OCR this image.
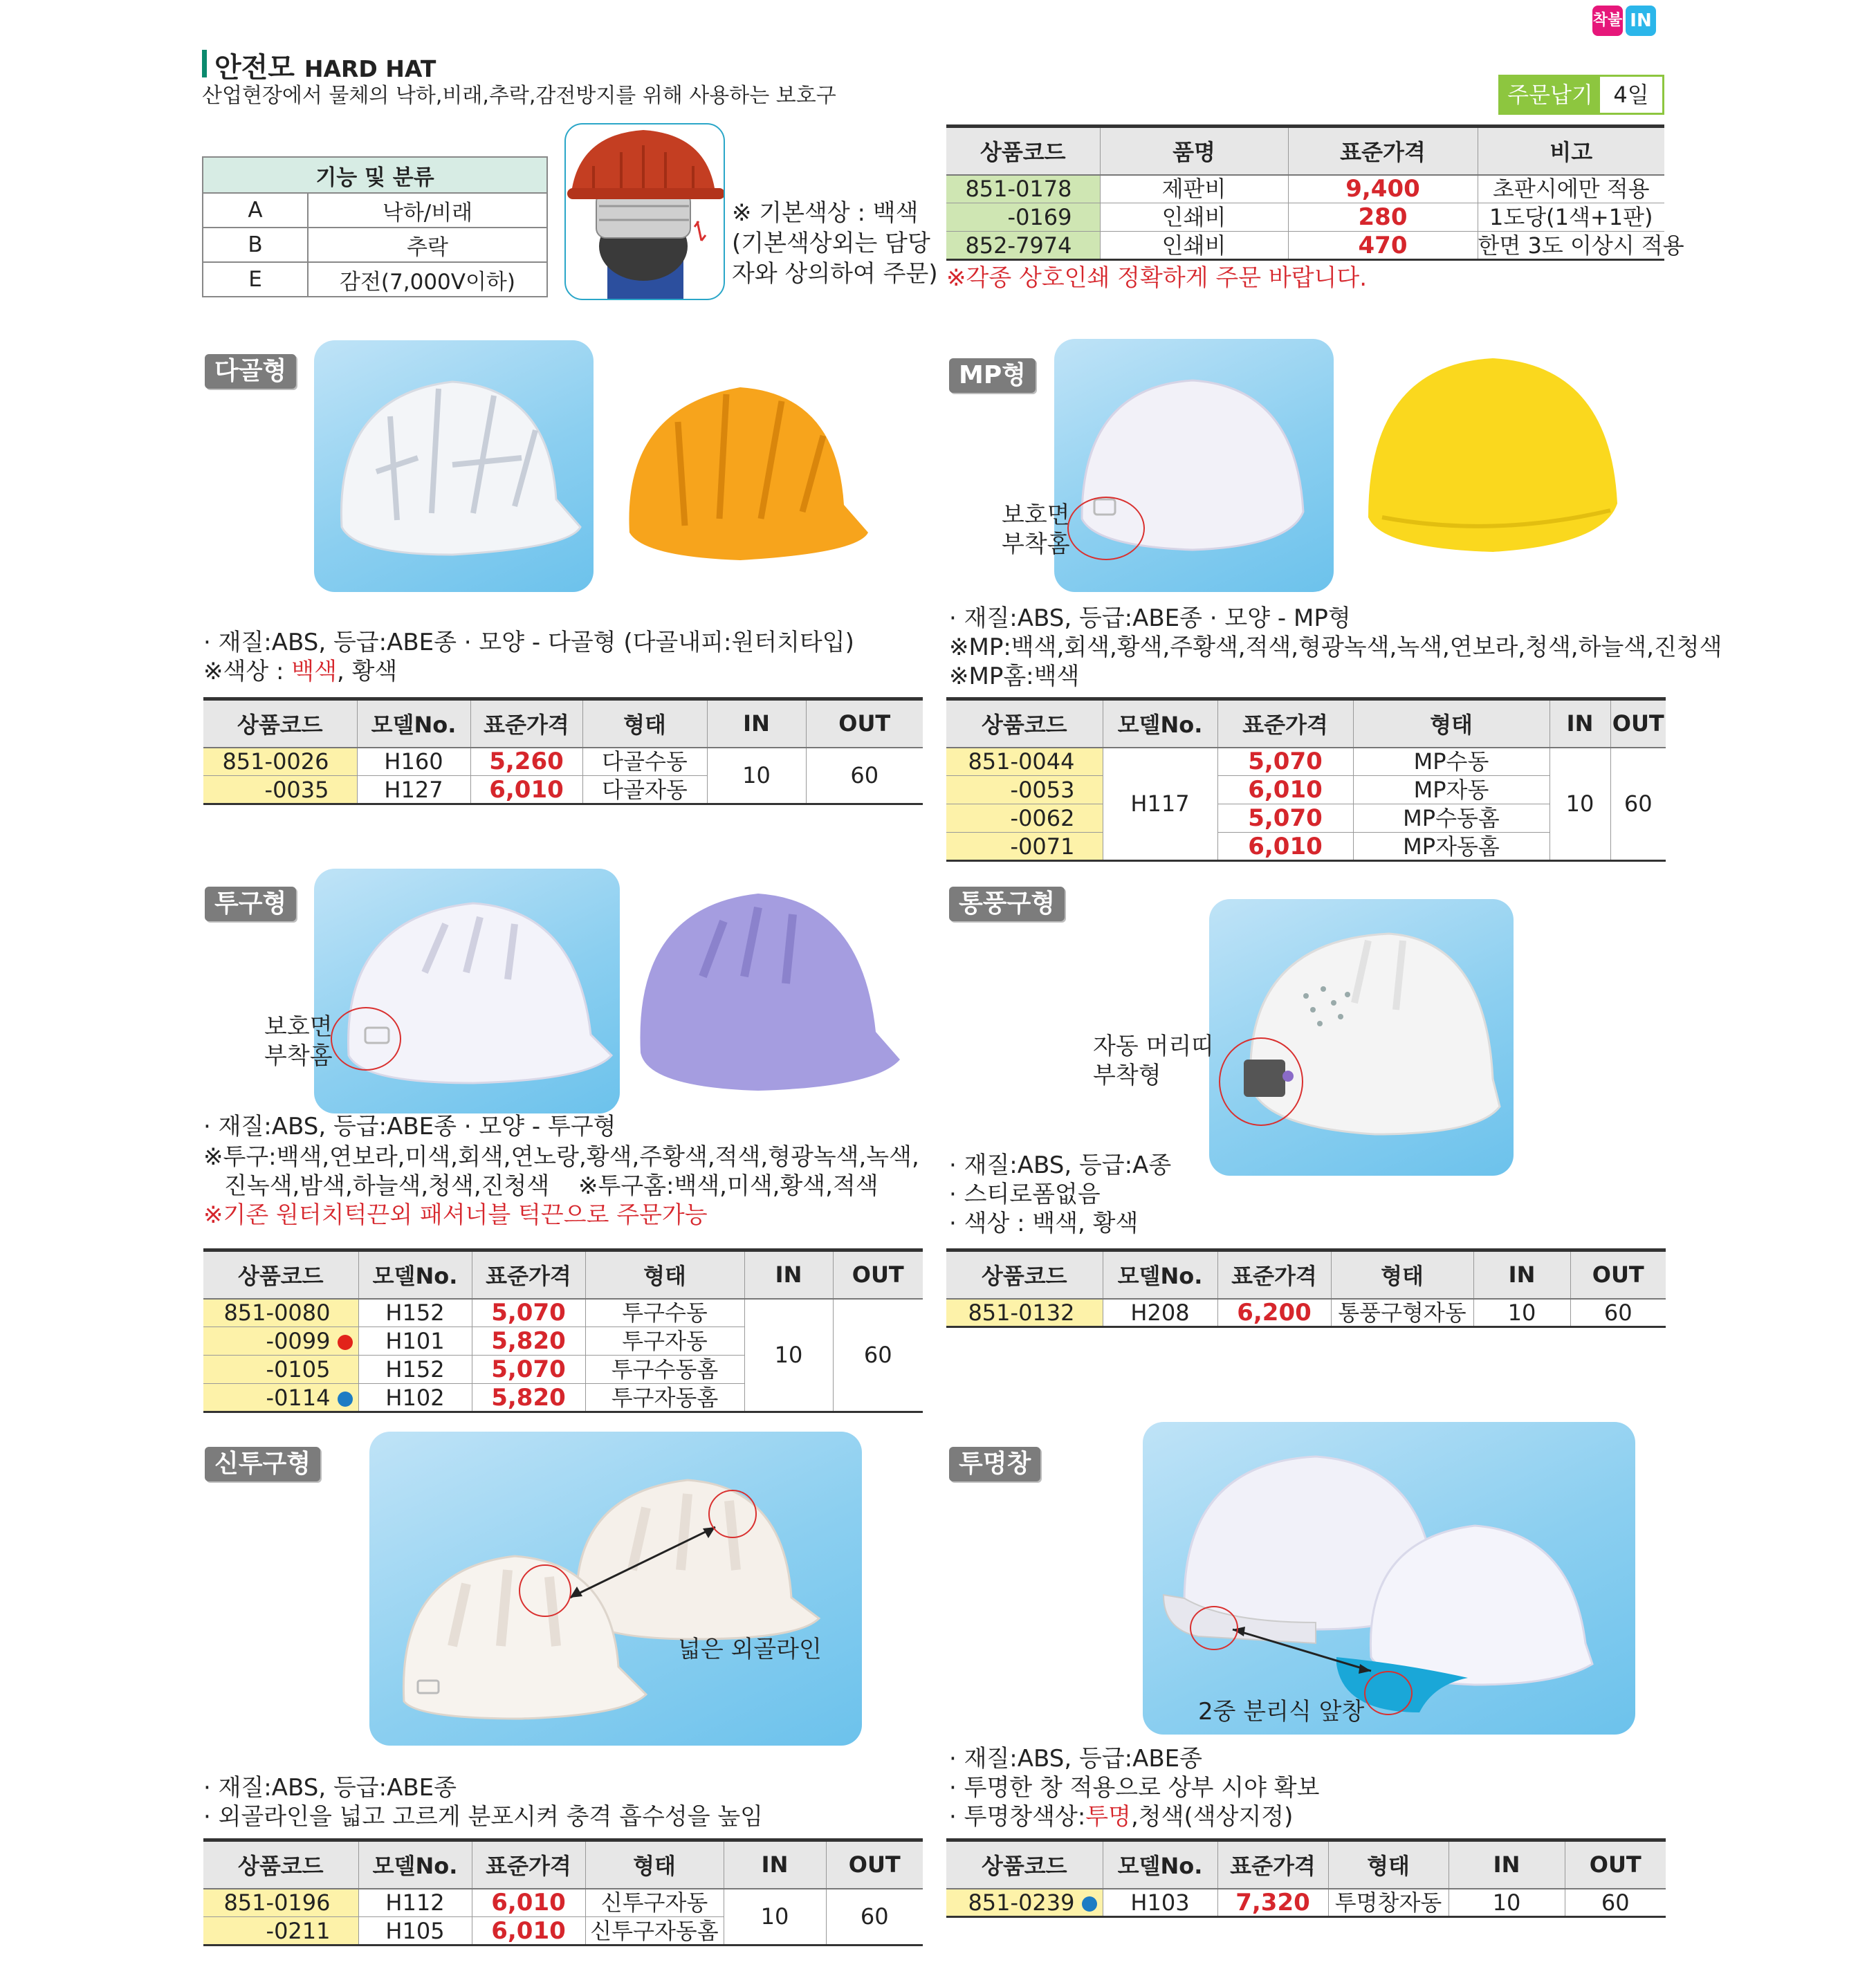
착불 IN
안전모 HARD HAT
산업현장에서 물체의 낙하,비래,추락,감전방지를 위해 사용하는 보호구	주문납기 4일
기능 및 분류	
A	낙하/비래
B	추락
E	감전(7,000V이하)
※ 기본색상 : 백색
(기본색상외는 담당
자와 상의하여 주문)
상품코드	품명	표준가격	비고
851-0178	제판비	9,400	초판시에만 적용
-0169	인쇄비	280	1도당(1색+1판)
852-7974	인쇄비	470	한면 3도 이상시 적용
※각종 상호인쇄 정확하게 주문 바랍니다.
다골형
· 재질:ABS, 등급:ABE종 · 모양 - 다골형 (다골내피:원터치타입)
※색상 : 백색, 황색
상품코드	모델No.	표준가격	형태	IN	OUT
851-0026	H160	5,260	다골수동	10	60
-0035	H127	6,010	다골자동		
MP형
보호면
부착홈
· 재질:ABS, 등급:ABE종 · 모양 - MP형
※MP:백색,회색,황색,주황색,적색,형광녹색,녹색,연보라,청색,하늘색,진청색
※MP홈:백색
상품코드	모델No.	표준가격	형태	IN	OUT
851-0044	H117	5,070	MP수동	10	60
-0053		6,010	MP자동		
-0062		5,070	MP수동홈		
-0071		6,010	MP자동홈		
투구형
보호면
부착홈
· 재질:ABS, 등급:ABE종 · 모양 - 투구형
※투구:백색,연보라,미색,회색,연노랑,황색,주황색,적색,형광녹색,녹색,
진녹색,밤색,하늘색,청색,진청색 ※투구홈:백색,미색,황색,적색
※기존 원터치턱끈외 패셔너블 턱끈으로 주문가능
상품코드	모델No.	표준가격	형태	IN	OUT
851-0080	H152	5,070	투구수동	10	60
-0099	H101	5,820	투구자동		
-0105	H152	5,070	투구수동홈		
-0114	H102	5,820	투구자동홈		
통풍구형
자동 머리띠
부착형
· 재질:ABS, 등급:A종
· 스티로폼없음
· 색상 : 백색, 황색
상품코드	모델No.	표준가격	형태	IN	OUT
851-0132	H208	6,200	통풍구형자동	10	60
신투구형
넓은 외골라인
· 재질:ABS, 등급:ABE종
· 외골라인을 넓고 고르게 분포시켜 충격 흡수성을 높임
상품코드	모델No.	표준가격	형태	IN	OUT
851-0196	H112	6,010	신투구자동	10	60
-0211	H105	6,010	신투구자동홈		
투명창
2중 분리식 앞창
· 재질:ABS, 등급:ABE종
· 투명한 창 적용으로 상부 시야 확보
· 투명창색상:투명,청색(색상지정)
상품코드	모델No.	표준가격	형태	IN	OUT
851-0239	H103	7,320	투명창자동	10	60
